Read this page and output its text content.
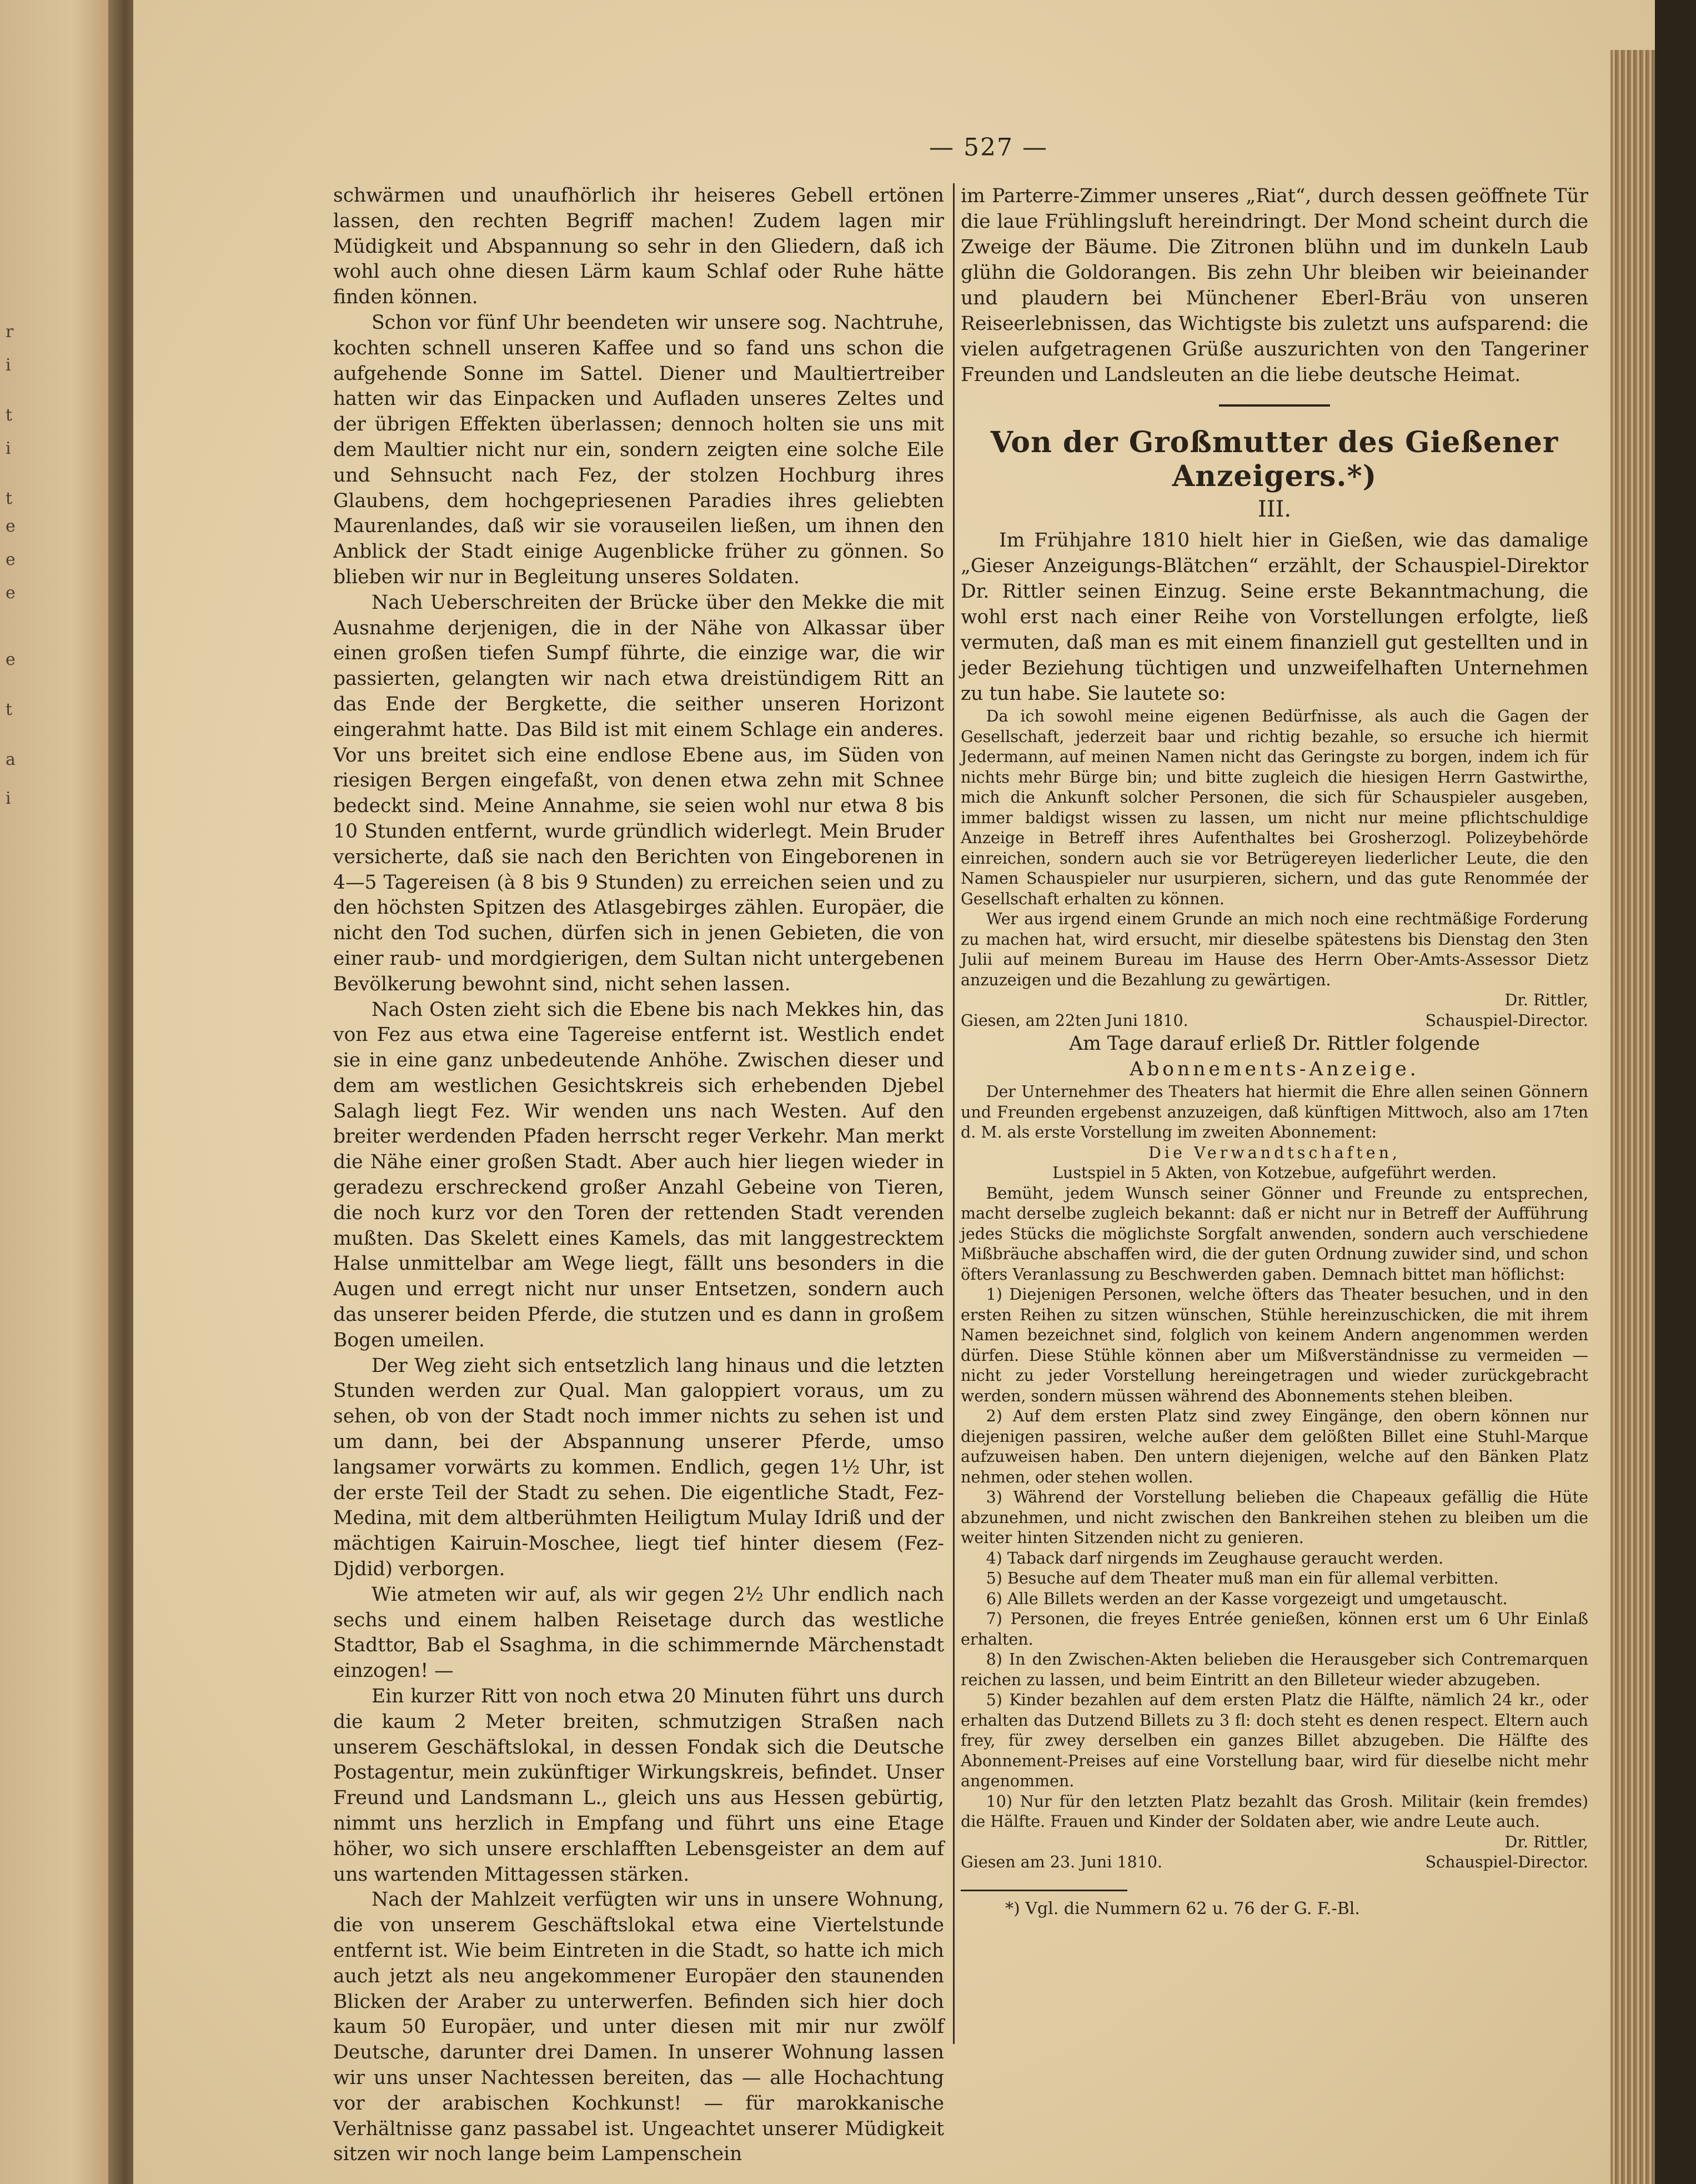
r
i
t
i
t
e
e
e
e
t
a
i
— 527 —

schwärmen und unaufhörlich ihr heiseres Gebell ertönen lassen, den rechten Begriff machen! Zudem lagen mir Müdigkeit und Abspannung so sehr in den Gliedern, daß ich wohl auch ohne diesen Lärm kaum Schlaf oder Ruhe hätte finden können.

Schon vor fünf Uhr beendeten wir unsere sog. Nachtruhe, kochten schnell unseren Kaffee und so fand uns schon die aufgehende Sonne im Sattel. Diener und Maultiertreiber hatten wir das Einpacken und Aufladen unseres Zeltes und der übrigen Effekten überlassen; dennoch holten sie uns mit dem Maultier nicht nur ein, sondern zeigten eine solche Eile und Sehnsucht nach Fez, der stolzen Hochburg ihres Glaubens, dem hochgepriesenen Paradies ihres geliebten Maurenlandes, daß wir sie vorauseilen ließen, um ihnen den Anblick der Stadt einige Augenblicke früher zu gönnen. So blieben wir nur in Begleitung unseres Soldaten.

Nach Ueberschreiten der Brücke über den Mekke die mit Ausnahme derjenigen, die in der Nähe von Alkassar über einen großen tiefen Sumpf führte, die einzige war, die wir passierten, gelangten wir nach etwa dreistündigem Ritt an das Ende der Bergkette, die seither unseren Horizont eingerahmt hatte. Das Bild ist mit einem Schlage ein anderes. Vor uns breitet sich eine endlose Ebene aus, im Süden von riesigen Bergen eingefaßt, von denen etwa zehn mit Schnee bedeckt sind. Meine Annahme, sie seien wohl nur etwa 8 bis 10 Stunden entfernt, wurde gründlich widerlegt. Mein Bruder versicherte, daß sie nach den Berichten von Eingeborenen in 4—5 Tagereisen (à 8 bis 9 Stunden) zu erreichen seien und zu den höchsten Spitzen des Atlasgebirges zählen. Europäer, die nicht den Tod suchen, dürfen sich in jenen Gebieten, die von einer raub- und mordgierigen, dem Sultan nicht untergebenen Bevölkerung bewohnt sind, nicht sehen lassen.

Nach Osten zieht sich die Ebene bis nach Mekkes hin, das von Fez aus etwa eine Tagereise entfernt ist. Westlich endet sie in eine ganz unbedeutende Anhöhe. Zwischen dieser und dem am westlichen Gesichtskreis sich erhebenden Djebel Salagh liegt Fez. Wir wenden uns nach Westen. Auf den breiter werdenden Pfaden herrscht reger Verkehr. Man merkt die Nähe einer großen Stadt. Aber auch hier liegen wieder in geradezu erschreckend großer Anzahl Gebeine von Tieren, die noch kurz vor den Toren der rettenden Stadt verenden mußten. Das Skelett eines Kamels, das mit langgestrecktem Halse unmittelbar am Wege liegt, fällt uns besonders in die Augen und erregt nicht nur unser Entsetzen, sondern auch das unserer beiden Pferde, die stutzen und es dann in großem Bogen umeilen.

Der Weg zieht sich entsetzlich lang hinaus und die letzten Stunden werden zur Qual. Man galoppiert voraus, um zu sehen, ob von der Stadt noch immer nichts zu sehen ist und um dann, bei der Abspannung unserer Pferde, umso langsamer vorwärts zu kommen. Endlich, gegen 1½ Uhr, ist der erste Teil der Stadt zu sehen. Die eigentliche Stadt, Fez-Medina, mit dem altberühmten Heiligtum Mulay Idriß und der mächtigen Kairuin-Moschee, liegt tief hinter diesem (Fez-Djdid) verborgen.

Wie atmeten wir auf, als wir gegen 2½ Uhr endlich nach sechs und einem halben Reisetage durch das westliche Stadttor, Bab el Ssaghma, in die schimmernde Märchenstadt einzogen! —

Ein kurzer Ritt von noch etwa 20 Minuten führt uns durch die kaum 2 Meter breiten, schmutzigen Straßen nach unserem Geschäftslokal, in dessen Fondak sich die Deutsche Postagentur, mein zukünftiger Wirkungskreis, befindet. Unser Freund und Landsmann L., gleich uns aus Hessen gebürtig, nimmt uns herzlich in Empfang und führt uns eine Etage höher, wo sich unsere erschlafften Lebensgeister an dem auf uns wartenden Mittagessen stärken.

Nach der Mahlzeit verfügten wir uns in unsere Wohnung, die von unserem Geschäftslokal etwa eine Viertelstunde entfernt ist. Wie beim Eintreten in die Stadt, so hatte ich mich auch jetzt als neu angekommener Europäer den staunenden Blicken der Araber zu unterwerfen. Befinden sich hier doch kaum 50 Europäer, und unter diesen mit mir nur zwölf Deutsche, darunter drei Damen. In unserer Wohnung lassen wir uns unser Nachtessen bereiten, das — alle Hochachtung vor der arabischen Kochkunst! — für marokkanische Verhältnisse ganz passabel ist. Ungeachtet unserer Müdigkeit sitzen wir noch lange beim Lampenschein

im Parterre-Zimmer unseres „Riat“, durch dessen geöffnete Tür die laue Frühlingsluft hereindringt. Der Mond scheint durch die Zweige der Bäume. Die Zitronen blühn und im dunkeln Laub glühn die Goldorangen. Bis zehn Uhr bleiben wir beieinander und plaudern bei Münchener Eberl-Bräu von unseren Reiseerlebnissen, das Wichtigste bis zuletzt uns aufsparend: die vielen aufgetragenen Grüße auszurichten von den Tangeriner Freunden und Landsleuten an die liebe deutsche Heimat.

Von der Großmutter des Gießener Anzeigers.*)
III.

Im Frühjahre 1810 hielt hier in Gießen, wie das damalige „Gieser Anzeigungs-Blätchen“ erzählt, der Schauspiel-Direktor Dr. Rittler seinen Einzug. Seine erste Bekanntmachung, die wohl erst nach einer Reihe von Vorstellungen erfolgte, ließ vermuten, daß man es mit einem finanziell gut gestellten und in jeder Beziehung tüchtigen und unzweifelhaften Unternehmen zu tun habe. Sie lautete so:

Da ich sowohl meine eigenen Bedürfnisse, als auch die Gagen der Gesellschaft, jederzeit baar und richtig bezahle, so ersuche ich hiermit Jedermann, auf meinen Namen nicht das Geringste zu borgen, indem ich für nichts mehr Bürge bin; und bitte zugleich die hiesigen Herrn Gastwirthe, mich die Ankunft solcher Personen, die sich für Schauspieler ausgeben, immer baldigst wissen zu lassen, um nicht nur meine pflichtschuldige Anzeige in Betreff ihres Aufenthaltes bei Grosherzogl. Polizeybehörde einreichen, sondern auch sie vor Betrügereyen liederlicher Leute, die den Namen Schauspieler nur usurpieren, sichern, und das gute Renommée der Gesellschaft erhalten zu können.

Wer aus irgend einem Grunde an mich noch eine rechtmäßige Forderung zu machen hat, wird ersucht, mir dieselbe spätestens bis Dienstag den 3ten Julii auf meinem Bureau im Hause des Herrn Ober-Amts-Assessor Dietz anzuzeigen und die Bezahlung zu gewärtigen.

Dr. Rittler,

Giesen, am 22ten Juni 1810.	Schauspiel-Director.

Am Tage darauf erließ Dr. Rittler folgende

Abonnements-Anzeige.

Der Unternehmer des Theaters hat hiermit die Ehre allen seinen Gönnern und Freunden ergebenst anzuzeigen, daß künftigen Mittwoch, also am 17ten d. M. als erste Vorstellung im zweiten Abonnement:

Die Verwandtschaften,

Lustspiel in 5 Akten, von Kotzebue, aufgeführt werden.

Bemüht, jedem Wunsch seiner Gönner und Freunde zu entsprechen, macht derselbe zugleich bekannt: daß er nicht nur in Betreff der Aufführung jedes Stücks die möglichste Sorgfalt anwenden, sondern auch verschiedene Mißbräuche abschaffen wird, die der guten Ordnung zuwider sind, und schon öfters Veranlassung zu Beschwerden gaben. Demnach bittet man höflichst:

1) Diejenigen Personen, welche öfters das Theater besuchen, und in den ersten Reihen zu sitzen wünschen, Stühle hereinzuschicken, die mit ihrem Namen bezeichnet sind, folglich von keinem Andern angenommen werden dürfen. Diese Stühle können aber um Mißverständnisse zu vermeiden — nicht zu jeder Vorstellung hereingetragen und wieder zurückgebracht werden, sondern müssen während des Abonnements stehen bleiben.

2) Auf dem ersten Platz sind zwey Eingänge, den obern können nur diejenigen passiren, welche außer dem gelößten Billet eine Stuhl-Marque aufzuweisen haben. Den untern diejenigen, welche auf den Bänken Platz nehmen, oder stehen wollen.

3) Während der Vorstellung belieben die Chapeaux gefällig die Hüte abzunehmen, und nicht zwischen den Bankreihen stehen zu bleiben um die weiter hinten Sitzenden nicht zu genieren.

4) Taback darf nirgends im Zeughause geraucht werden.

5) Besuche auf dem Theater muß man ein für allemal verbitten.

6) Alle Billets werden an der Kasse vorgezeigt und umgetauscht.

7) Personen, die freyes Entrée genießen, können erst um 6 Uhr Einlaß erhalten.

8) In den Zwischen-Akten belieben die Herausgeber sich Contremarquen reichen zu lassen, und beim Eintritt an den Billeteur wieder abzugeben.

5) Kinder bezahlen auf dem ersten Platz die Hälfte, nämlich 24 kr., oder erhalten das Dutzend Billets zu 3 fl: doch steht es denen respect. Eltern auch frey, für zwey derselben ein ganzes Billet abzugeben. Die Hälfte des Abonnement-Preises auf eine Vorstellung baar, wird für dieselbe nicht mehr angenommen.

10) Nur für den letzten Platz bezahlt das Grosh. Militair (kein fremdes) die Hälfte. Frauen und Kinder der Soldaten aber, wie andre Leute auch.

Dr. Rittler,

Giesen am 23. Juni 1810.	Schauspiel-Director.

*) Vgl. die Nummern 62 u. 76 der G. F.-Bl.
